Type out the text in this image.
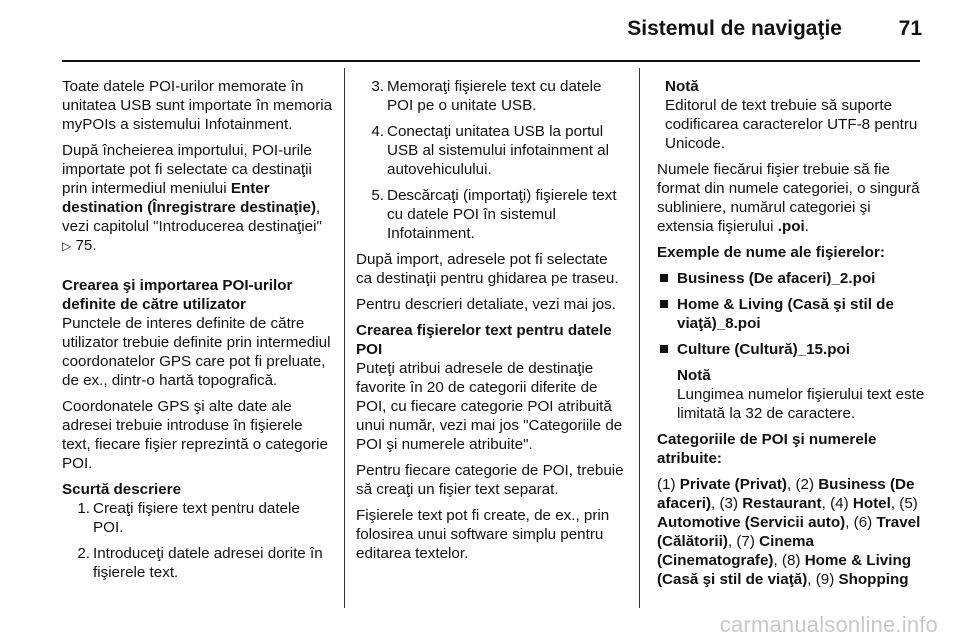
Sistemul de navigaţie	71

Toate datele POI-urilor memorate în unitatea USB sunt importate în memoria myPOIs a sistemului Infotainment.

După încheierea importului, POI-urile importate pot fi selectate ca destinaţii prin intermediul meniului Enter destination (Înregistrare destinaţie), vezi capitolul "Introducerea destinaţiei" ▷ 75.

Crearea şi importarea POI-urilor definite de către utilizator

Punctele de interes definite de către utilizator trebuie definite prin intermediul coordonatelor GPS care pot fi preluate, de ex., dintr-o hartă topografică.

Coordonatele GPS şi alte date ale adresei trebuie introduse în fişierele text, fiecare fişier reprezintă o categorie POI.

Scurtă descriere

1. Creaţi fişiere text pentru datele POI.
2. Introduceţi datele adresei dorite în fişierele text.
3. Memoraţi fişierele text cu datele POI pe o unitate USB.
4. Conectaţi unitatea USB la portul USB al sistemului infotainment al autovehiculului.
5. Descărcaţi (importaţi) fişierele text cu datele POI în sistemul Infotainment.

După import, adresele pot fi selectate ca destinaţii pentru ghidarea pe traseu.

Pentru descrieri detaliate, vezi mai jos.

Crearea fişierelor text pentru datele POI

Puteţi atribui adresele de destinaţie favorite în 20 de categorii diferite de POI, cu fiecare categorie POI atribuită unui număr, vezi mai jos "Categoriile de POI şi numerele atribuite".

Pentru fiecare categorie de POI, trebuie să creaţi un fişier text separat.

Fişierele text pot fi create, de ex., prin folosirea unui software simplu pentru editarea textelor.

Notă
Editorul de text trebuie să suporte codificarea caracterelor UTF-8 pentru Unicode.

Numele fiecărui fişier trebuie să fie format din numele categoriei, o singură subliniere, numărul categoriei şi extensia fişierului .poi.

Exemple de nume ale fişierelor:

Business (De afaceri)_2.poi
Home & Living (Casă şi stil de viaţă)_8.poi
Culture (Cultură)_15.poi
Notă
Lungimea numelor fişierului text este limitată la 32 de caractere.

Categoriile de POI şi numerele atribuite:

(1) Private (Privat), (2) Business (De afaceri), (3) Restaurant, (4) Hotel, (5) Automotive (Servicii auto), (6) Travel (Călătorii), (7) Cinema (Cinematografe), (8) Home & Living (Casă şi stil de viaţă), (9) Shopping

carmanualsonline.info
